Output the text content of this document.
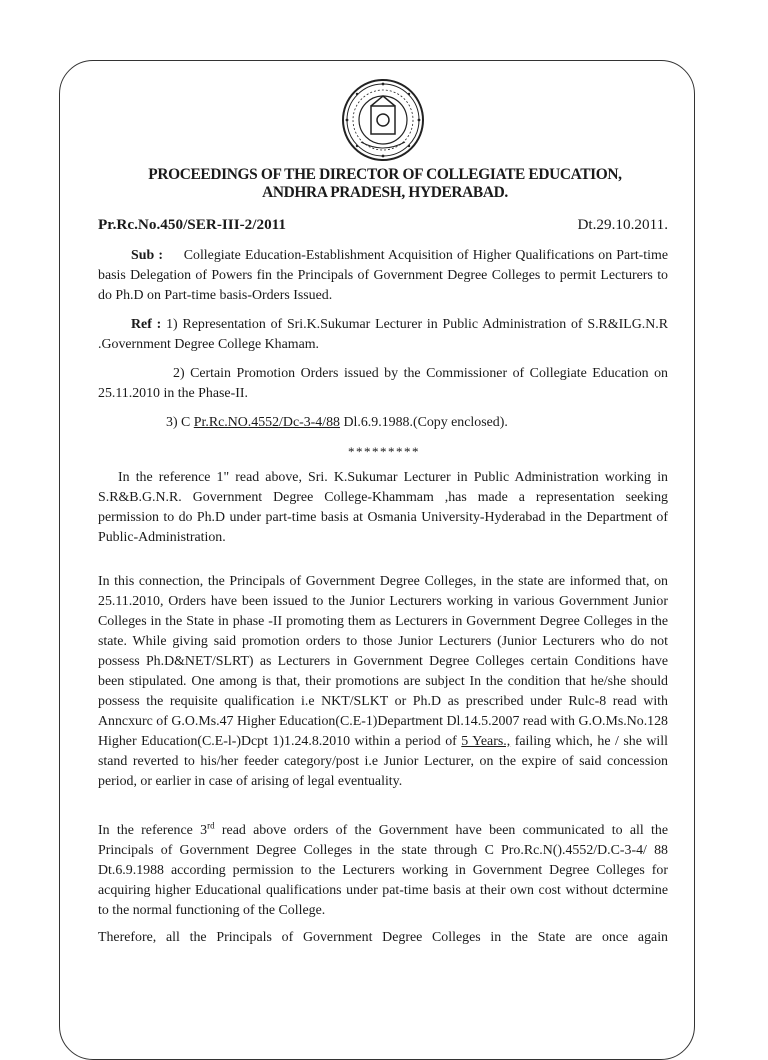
PROCEEDINGS OF THE DIRECTOR OF COLLEGIATE EDUCATION,
ANDHRA PRADESH, HYDERABAD.
Pr.Rc.No.450/SER-III-2/2011	Dt.29.10.2011.
Sub : Collegiate Education-Establishment Acquisition of Higher Qualifications on Part-time basis Delegation of Powers fin the Principals of Government Degree Colleges to permit Lecturers to do Ph.D on Part-time basis-Orders Issued.
Ref : 1) Representation of Sri.K.Sukumar Lecturer in Public Administration of S.R&ILG.N.R .Government Degree College Khamam.
2) Certain Promotion Orders issued by the Commissioner of Collegiate Education on 25.11.2010 in the Phase-II.
3) C Pr.Rc.NO.4552/Dc-3-4/88 Dl.6.9.1988.(Copy enclosed).
*********
In the reference 1" read above, Sri. K.Sukumar Lecturer in Public Administration working in S.R&B.G.N.R. Government Degree College-Khammam ,has made a representation seeking permission to do Ph.D under part-time basis at Osmania University-Hyderabad in the Department of Public-Administration.
In this connection, the Principals of Government Degree Colleges, in the state are informed that, on 25.11.2010, Orders have been issued to the Junior Lecturers working in various Government Junior Colleges in the State in phase -II promoting them as Lecturers in Government Degree Colleges in the state. While giving said promotion orders to those Junior Lecturers (Junior Lecturers who do not possess Ph.D&NET/SLRT) as Lecturers in Government Degree Colleges certain Conditions have been stipulated. One among is that, their promotions are subject In the condition that he/she should possess the requisite qualification i.e NKT/SLKT or Ph.D as prescribed under Rulc-8 read with Anncxurc of G.O.Ms.47 Higher Education(C.E-1)Department Dl.14.5.2007 read with G.O.Ms.No.128 Higher Education(C.E-l-)Dcpt 1)1.24.8.2010 within a period of 5 Years., failing which, he / she will stand reverted to his/her feeder category/post i.e Junior Lecturer, on the expire of said concession period, or earlier in case of arising of legal eventuality.
In the reference 3rd read above orders of the Government have been communicated to all the Principals of Government Degree Colleges in the state through C Pro.Rc.N().4552/D.C-3-4/ 88 Dt.6.9.1988 according permission to the Lecturers working in Government Degree Colleges for acquiring higher Educational qualifications under pat-time basis at their own cost without dctermine to the normal functioning of the College.
Therefore, all the Principals of Government Degree Colleges in the State are once again
